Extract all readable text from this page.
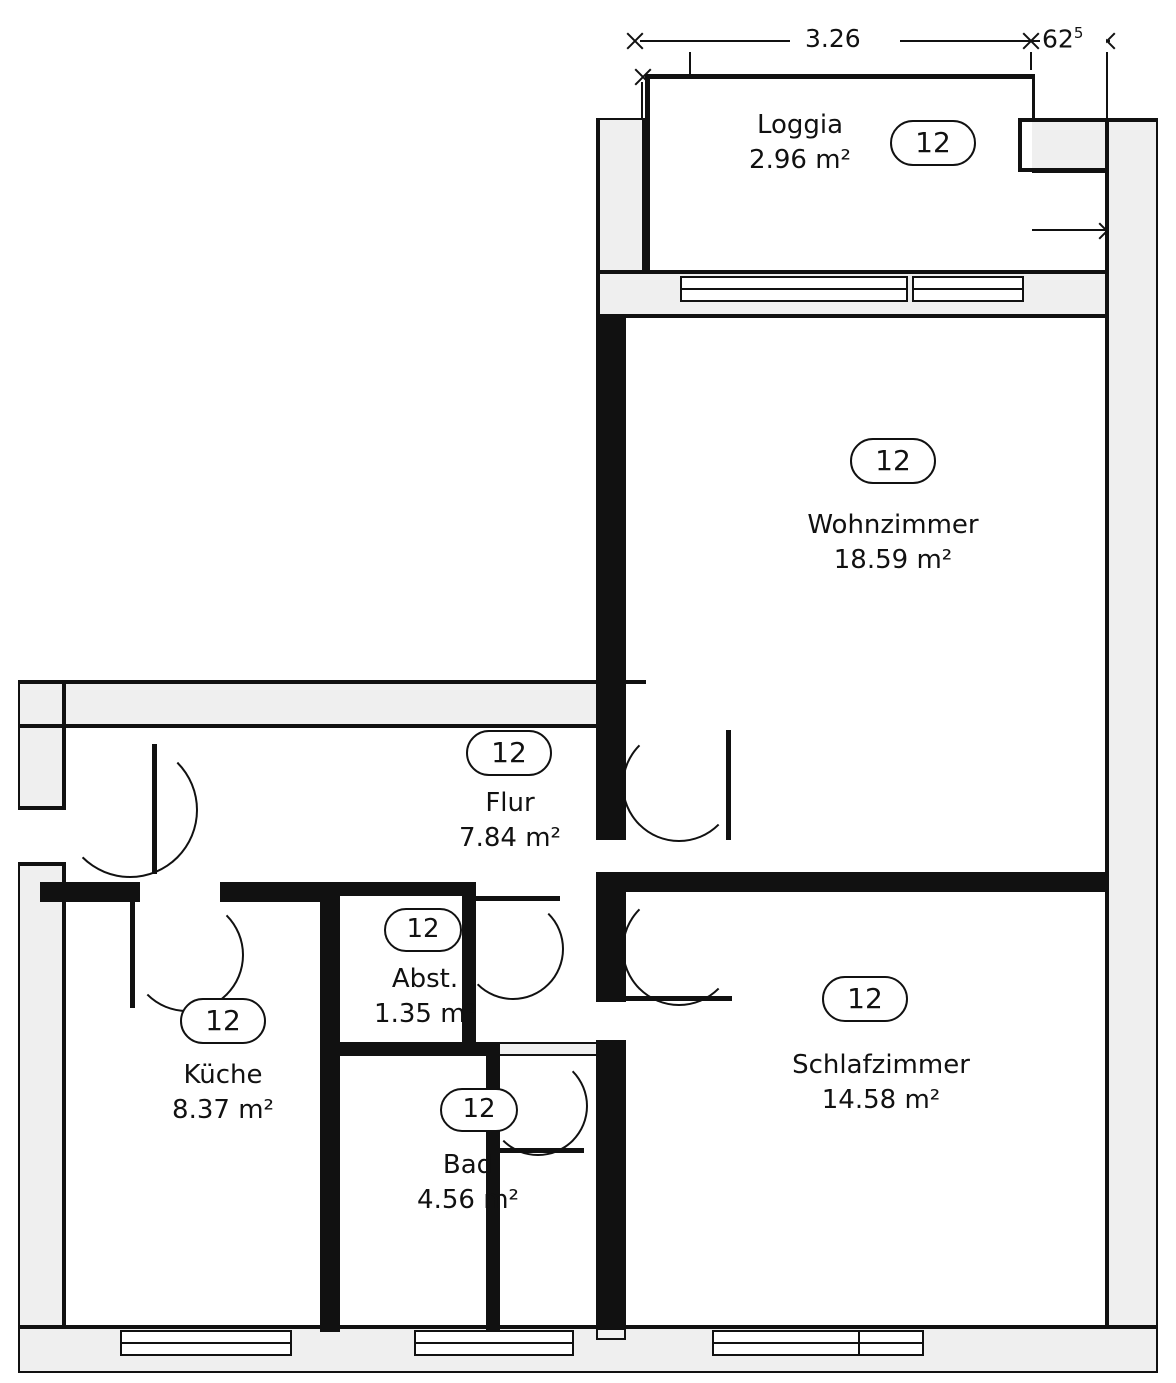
3.26	$62^5$

12
Loggia
2.96 m²
12
Wohnzimmer
18.59 m²
12
Flur
7.84 m²
12
Abst.
1.35 m²
12
Küche
8.37 m²	12
Bad
4.56 m²
12
Schlafzimmer
14.58 m²
